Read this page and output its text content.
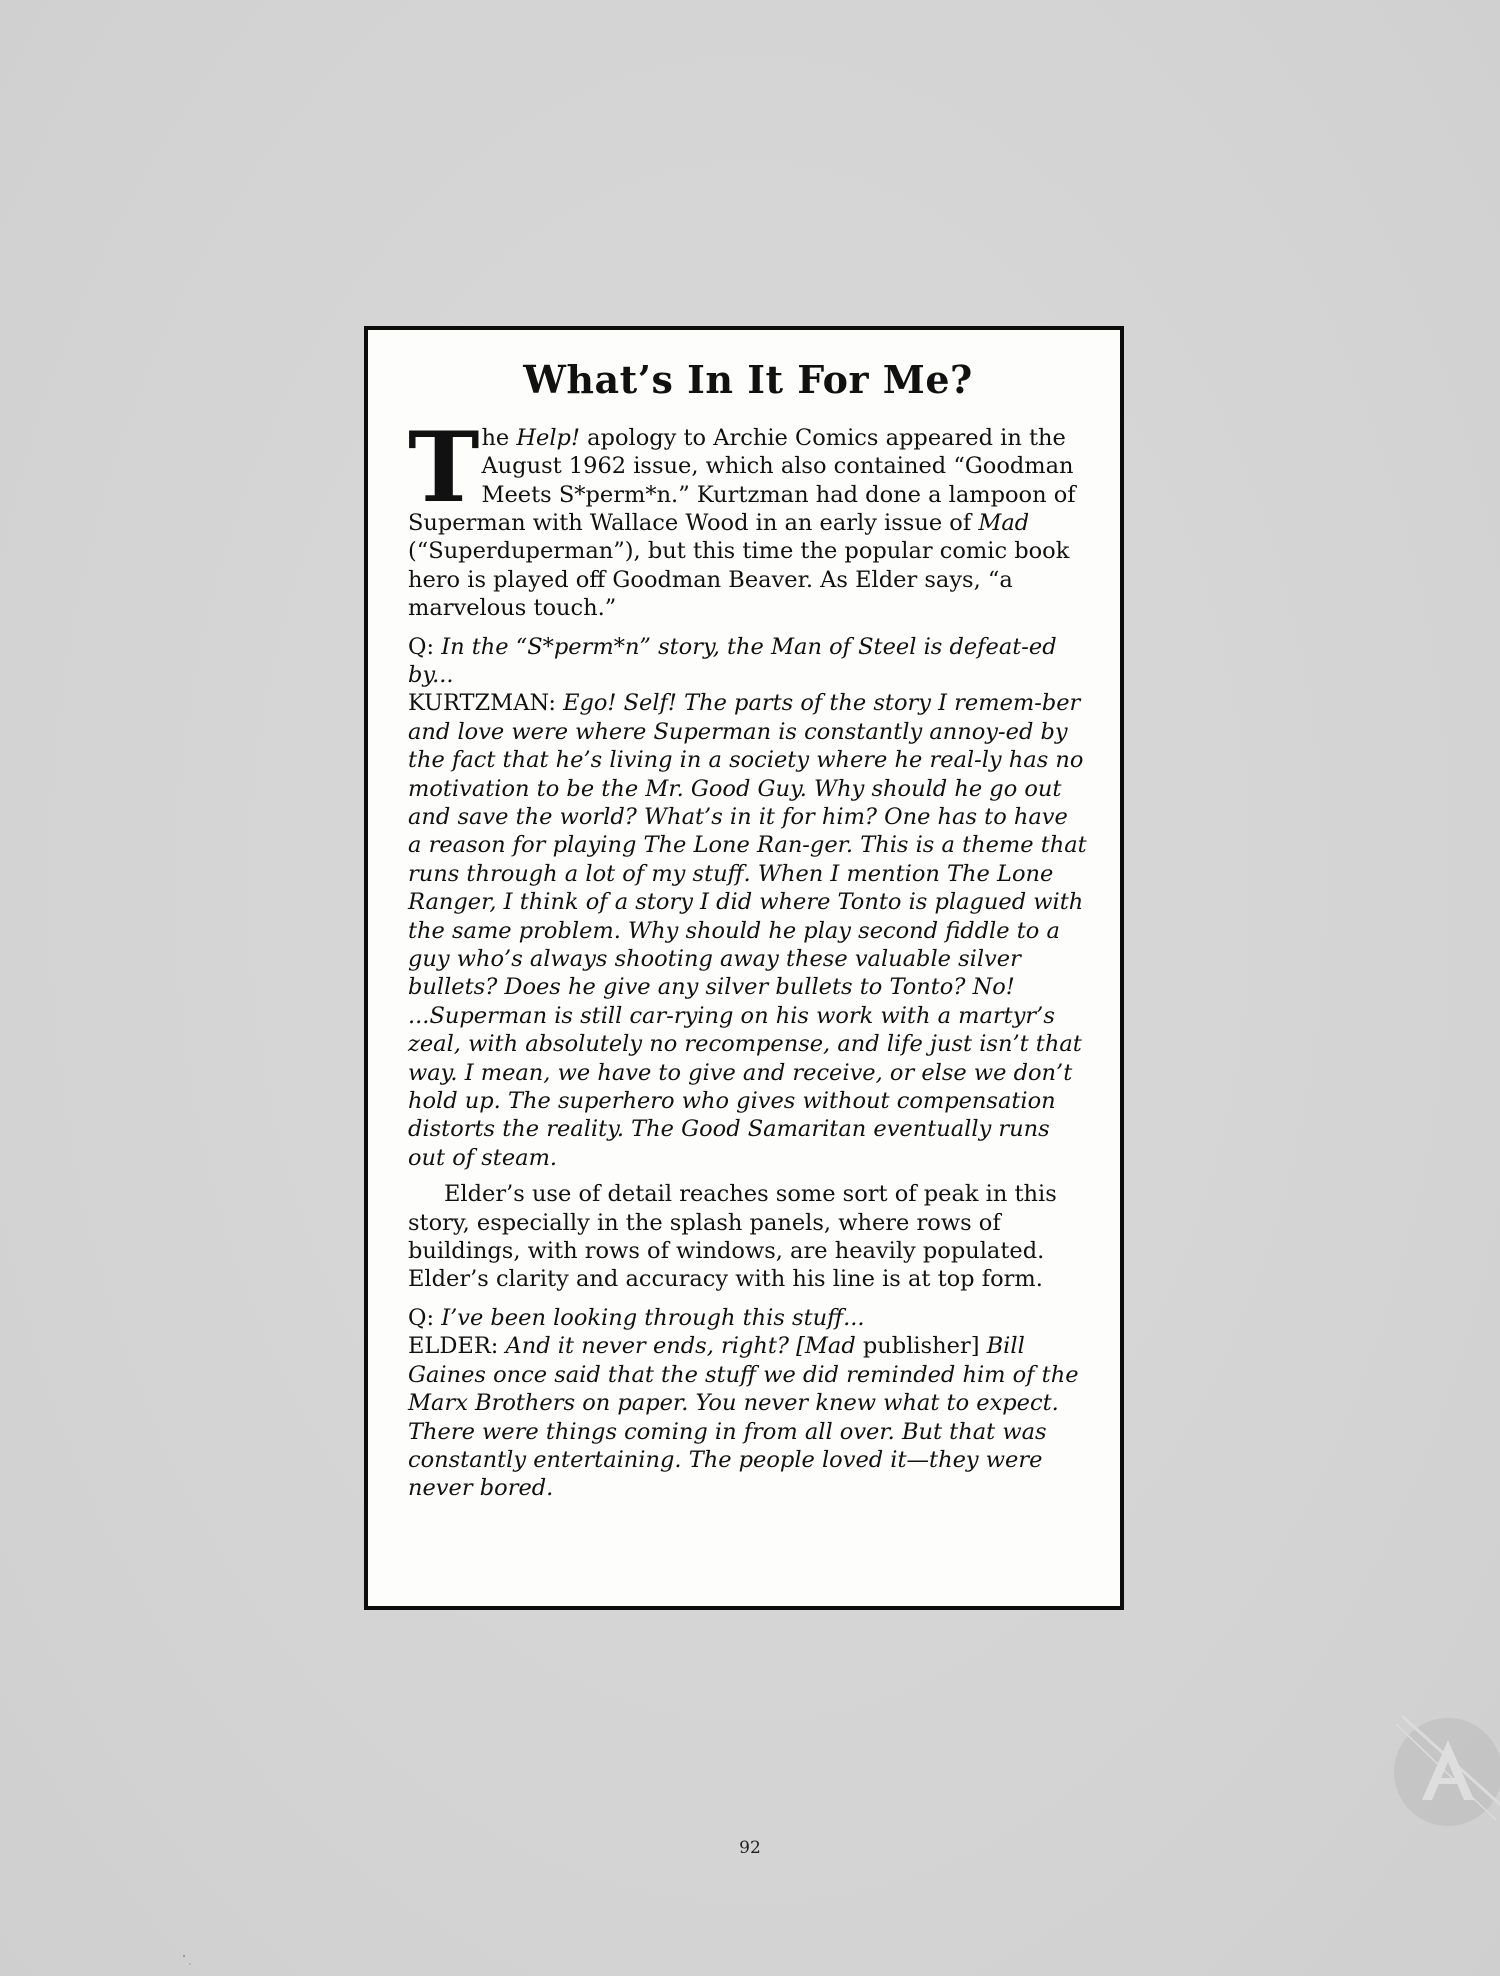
What’s In It For Me?

The Help! apology to Archie Comics appeared in the August 1962 issue, which also contained “Goodman Meets S*perm*n.” Kurtzman had done a lampoon of Superman with Wallace Wood in an early issue of Mad (“Superduperman”), but this time the popular comic book hero is played off Goodman Beaver. As Elder says, “a marvelous touch.”

Q: In the “S*perm*n” story, the Man of Steel is defeat-ed by...

KURTZMAN: Ego! Self! The parts of the story I remem-ber and love were where Superman is constantly annoy-ed by the fact that he’s living in a society where he real-ly has no motivation to be the Mr. Good Guy. Why should he go out and save the world? What’s in it for him? One has to have a reason for playing The Lone Ran-ger. This is a theme that runs through a lot of my stuff. When I mention The Lone Ranger, I think of a story I did where Tonto is plagued with the same problem. Why should he play second fiddle to a guy who’s always shooting away these valuable silver bullets? Does he give any silver bullets to Tonto? No! ...Superman is still car-rying on his work with a martyr’s zeal, with absolutely no recompense, and life just isn’t that way. I mean, we have to give and receive, or else we don’t hold up. The superhero who gives without compensation distorts the reality. The Good Samaritan eventually runs out of steam.

Elder’s use of detail reaches some sort of peak in this story, especially in the splash panels, where rows of buildings, with rows of windows, are heavily populated. Elder’s clarity and accuracy with his line is at top form.

Q: I’ve been looking through this stuff...

ELDER: And it never ends, right? [Mad publisher] Bill Gaines once said that the stuff we did reminded him of the Marx Brothers on paper. You never knew what to expect. There were things coming in from all over. But that was constantly entertaining. The people loved it—they were never bored.

92
